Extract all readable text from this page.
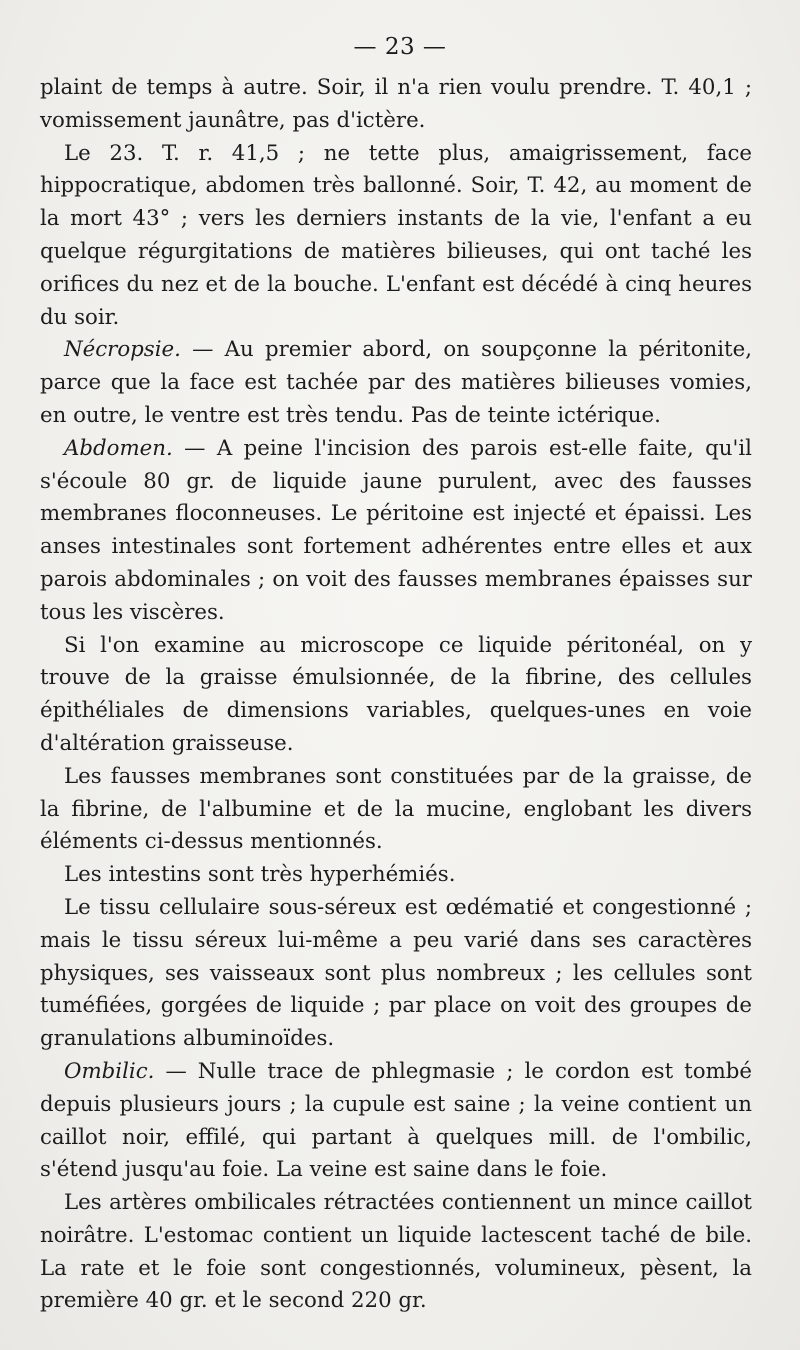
— 23 —

plaint de temps à autre. Soir, il n'a rien voulu prendre. T. 40,1 ; vomissement jaunâtre, pas d'ictère.

Le 23. T. r. 41,5 ; ne tette plus, amaigrissement, face hippocratique, abdomen très ballonné. Soir, T. 42, au moment de la mort 43° ; vers les derniers instants de la vie, l'enfant a eu quelque régurgitations de matières bilieuses, qui ont taché les orifices du nez et de la bouche. L'enfant est décédé à cinq heures du soir.

Nécropsie. — Au premier abord, on soupçonne la péritonite, parce que la face est tachée par des matières bilieuses vomies, en outre, le ventre est très tendu. Pas de teinte ictérique.

Abdomen. — A peine l'incision des parois est-elle faite, qu'il s'écoule 80 gr. de liquide jaune purulent, avec des fausses membranes floconneuses. Le péritoine est injecté et épaissi. Les anses intestinales sont fortement adhérentes entre elles et aux parois abdominales ; on voit des fausses membranes épaisses sur tous les viscères.

Si l'on examine au microscope ce liquide péritonéal, on y trouve de la graisse émulsionnée, de la fibrine, des cellules épithéliales de dimensions variables, quelques-unes en voie d'altération graisseuse.

Les fausses membranes sont constituées par de la graisse, de la fibrine, de l'albumine et de la mucine, englobant les divers éléments ci-dessus mentionnés.

Les intestins sont très hyperhémiés.

Le tissu cellulaire sous-séreux est œdématié et congestionné ; mais le tissu séreux lui-même a peu varié dans ses caractères physiques, ses vaisseaux sont plus nombreux ; les cellules sont tuméfiées, gorgées de liquide ; par place on voit des groupes de granulations albuminoïdes.

Ombilic. — Nulle trace de phlegmasie ; le cordon est tombé depuis plusieurs jours ; la cupule est saine ; la veine contient un caillot noir, effilé, qui partant à quelques mill. de l'ombilic, s'étend jusqu'au foie. La veine est saine dans le foie.

Les artères ombilicales rétractées contiennent un mince caillot noirâtre. L'estomac contient un liquide lactescent taché de bile. La rate et le foie sont congestionnés, volumineux, pèsent, la première 40 gr. et le second 220 gr.
